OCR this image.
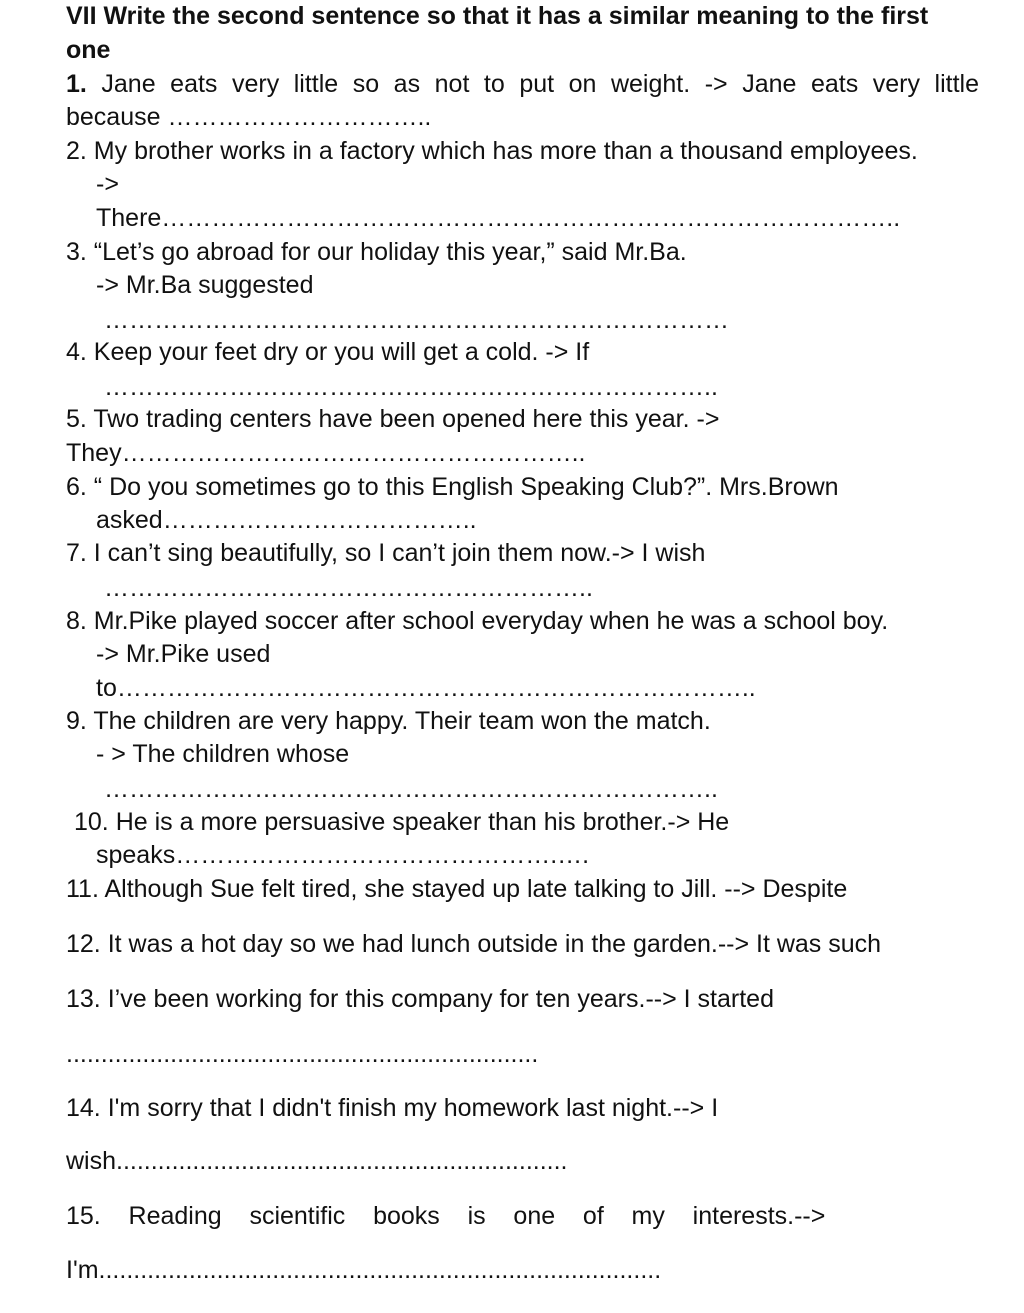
VII Write the second sentence so that it has a similar meaning to the first
one
1. Jane eats very little so as not to put on weight. -> Jane eats very little
because …………………………..
2. My brother works in a factory which has more than a thousand employees.
->
There……………………………………………………………………………..
3. “Let’s go abroad for our holiday this year,” said Mr.Ba.
-> Mr.Ba suggested
…………………………………………………………………
4. Keep your feet dry or you will get a cold. -> If
………………………………………………………………..
5. Two trading centers have been opened here this year. ->
They………………………………………………..
6. “ Do you sometimes go to this English Speaking Club?”. Mrs.Brown
asked………………………………..
7. I can’t sing beautifully, so I can’t join them now.-> I wish
…………………………………………………..
8. Mr.Pike played soccer after school everyday when he was a school boy.
-> Mr.Pike used
to…………………………………………………………………..
9. The children are very happy. Their team won the match.
- > The children whose
………………………………………………………………..
10. He is a more persuasive speaker than his brother.-> He
speaks……………………………………….….
11. Although Sue felt tired, she stayed up late talking to Jill. --> Despite
12. It was a hot day so we had lunch outside in the garden.--> It was such
13. I’ve been working for this company for ten years.--> I started
....................................................................
14. I'm sorry that I didn't finish my homework last night.--> I
wish.................................................................
15.    Reading    scientific    books    is    one    of    my    interests.-->
I'm.................................................................................
